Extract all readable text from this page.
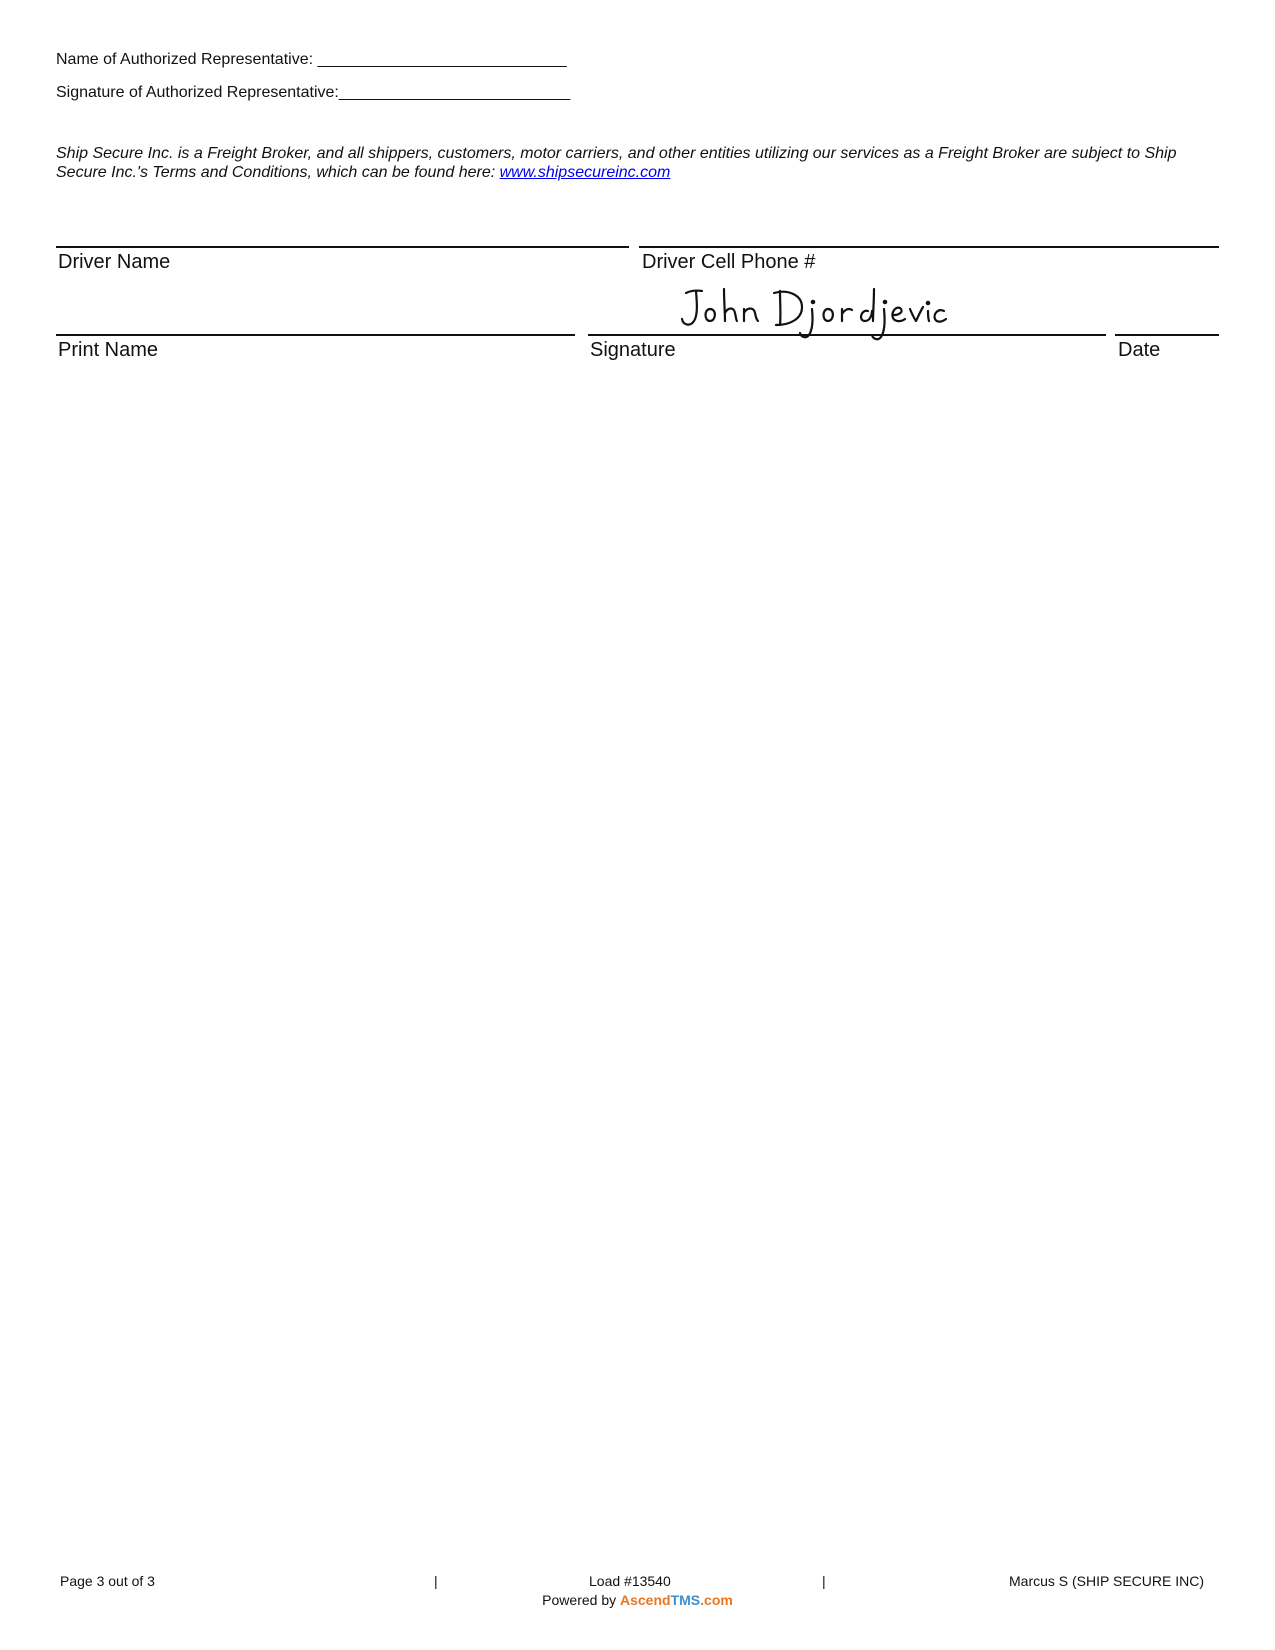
Name of Authorized Representative: ____________________________
Signature of Authorized Representative:__________________________
Ship Secure Inc. is a Freight Broker, and all shippers, customers, motor carriers, and other entities utilizing our services as a Freight Broker are subject to Ship Secure Inc.'s Terms and Conditions, which can be found here: www.shipsecureinc.com
Driver Name	Driver Cell Phone #
Print Name	Signature	Date
Page 3 out of 3	|	Load #13540	|	Marcus S (SHIP SECURE INC)
Powered by AscendTMS.com
